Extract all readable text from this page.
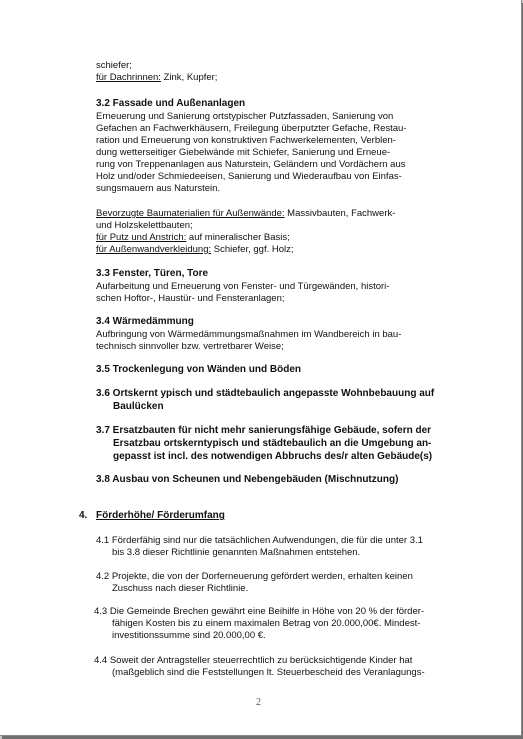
schiefer;
für Dachrinnen: Zink, Kupfer;
3.2 Fassade und Außenanlagen
Erneuerung und Sanierung ortstypischer Putzfassaden, Sanierung von
Gefachen an Fachwerkhäusern, Freilegung überputzter Gefache, Restau-
ration und Erneuerung von konstruktiven Fachwerkelementen, Verblen-
dung wetterseitiger Giebelwände mit Schiefer, Sanierung und Erneue-
rung von Treppenanlagen aus Naturstein, Geländern und Vordächern aus
Holz und/oder Schmiedeeisen, Sanierung und Wiederaufbau von Einfas-
sungsmauern aus Naturstein.
Bevorzugte Baumaterialien für Außenwände: Massivbauten, Fachwerk-
und Holzskelettbauten;
für Putz und Anstrich: auf mineralischer Basis;
für Außenwandverkleidung: Schiefer, ggf. Holz;
3.3 Fenster, Türen, Tore
Aufarbeitung und Erneuerung von Fenster- und Türgewänden, histori-
schen Hoftor-, Haustür- und Fensteranlagen;
3.4 Wärmedämmung
Aufbringung von Wärmedämmungsmaßnahmen im Wandbereich in bau-
technisch sinnvoller bzw. vertretbarer Weise;
3.5 Trockenlegung von Wänden und Böden
3.6 Ortskernt ypisch und städtebaulich angepasste Wohnbebauung auf
Baulücken
3.7 Ersatzbauten für nicht mehr sanierungsfähige Gebäude, sofern der
Ersatzbau ortskerntypisch und städtebaulich an die Umgebung an-
gepasst ist incl. des notwendigen Abbruchs des/r alten Gebäude(s)
3.8 Ausbau von Scheunen und Nebengebäuden (Mischnutzung)
4. Förderhöhe/ Förderumfang
4.1 Förderfähig sind nur die tatsächlichen Aufwendungen, die für die unter 3.1
bis 3.8 dieser Richtlinie genannten Maßnahmen entstehen.
4.2 Projekte, die von der Dorferneuerung gefördert werden, erhalten keinen
Zuschuss nach dieser Richtlinie.
4.3 Die Gemeinde Brechen gewährt eine Beihilfe in Höhe von 20 % der förder-
fähigen Kosten bis zu einem maximalen Betrag von 20.000,00€. Mindest-
investitionssumme sind 20.000,00 €.
4.4 Soweit der Antragsteller steuerrechtlich zu berücksichtigende Kinder hat
(maßgeblich sind die Feststellungen lt. Steuerbescheid des Veranlagungs-
2
